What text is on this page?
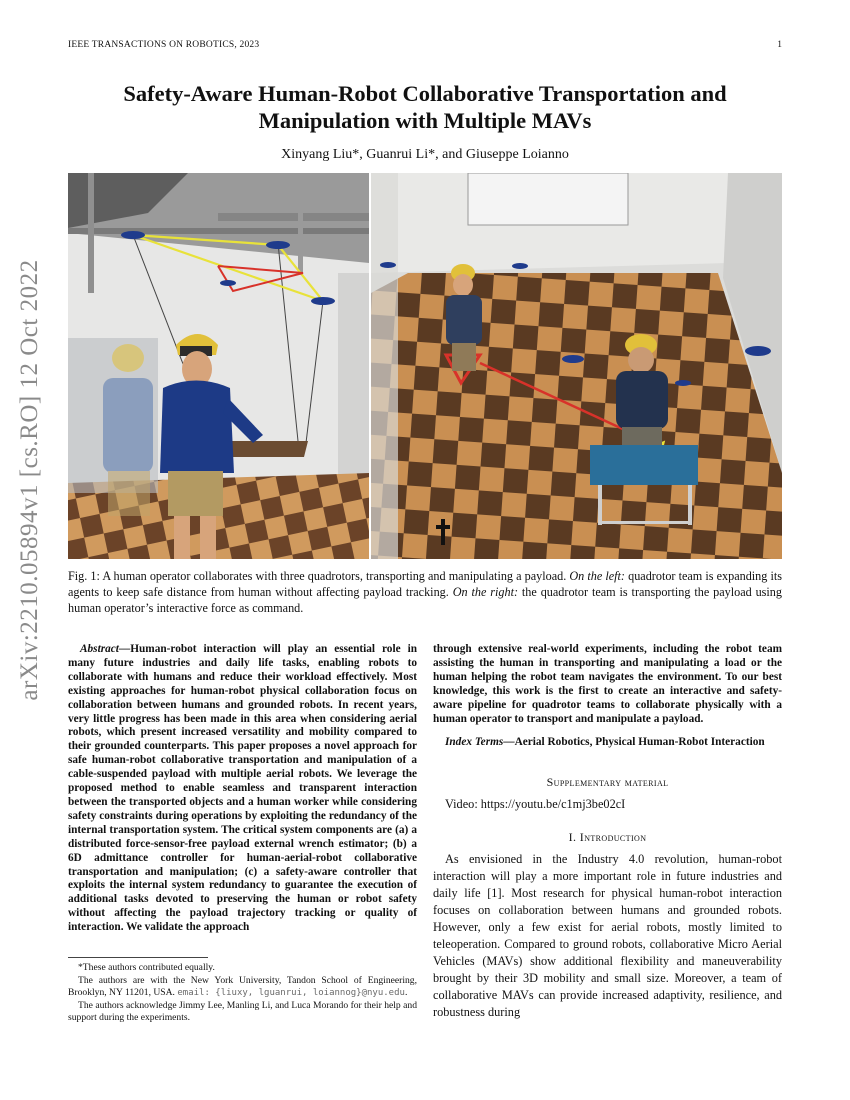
IEEE TRANSACTIONS ON ROBOTICS, 2023	1
Safety-Aware Human-Robot Collaborative Transportation and
Manipulation with Multiple MAVs
Xinyang Liu*, Guanrui Li*, and Giuseppe Loianno
arXiv:2210.05894v1 [cs.RO] 12 Oct 2022 Fig. 1: A human operator collaborates with three quadrotors, transporting and manipulating a payload. On the left: quadrotor team is expanding its agents to keep safe distance from human without affecting payload tracking. On the right: the quadrotor team is transporting the payload using human operator’s interactive force as command.

Abstract—Human-robot interaction will play an essential role in many future industries and daily life tasks, enabling robots to collaborate with humans and reduce their workload effectively. Most existing approaches for human-robot physical collaboration focus on collaboration between humans and grounded robots. In recent years, very little progress has been made in this area when considering aerial robots, which present increased versatility and mobility compared to their grounded counterparts. This paper proposes a novel approach for safe human-robot collaborative transportation and manipulation of a cable-suspended payload with multiple aerial robots. We leverage the proposed method to enable seamless and transparent interaction between the transported objects and a human worker while considering safety constraints during operations by exploiting the redundancy of the internal transportation system. The critical system components are (a) a distributed force-sensor-free payload external wrench estimator; (b) a 6D admittance controller for human-aerial-robot collaborative transportation and manipulation; (c) a safety-aware controller that exploits the internal system redundancy to guarantee the execution of additional tasks devoted to preserving the human or robot safety without affecting the payload trajectory tracking or quality of interaction. We validate the approach

*These authors contributed equally.

The authors are with the New York University, Tandon School of Engineering, Brooklyn, NY 11201, USA. email: {liuxy, lguanrui, loiannog}@nyu.edu.

The authors acknowledge Jimmy Lee, Manling Li, and Luca Morando for their help and support during the experiments.

through extensive real-world experiments, including the robot team assisting the human in transporting and manipulating a load or the human helping the robot team navigates the environment. To our best knowledge, this work is the first to create an interactive and safety-aware pipeline for quadrotor teams to collaborate physically with a human operator to transport and manipulate a payload.

Index Terms—Aerial Robotics, Physical Human-Robot Interaction

Supplementary material

Video: https://youtu.be/c1mj3be02cI

I. Introduction

As envisioned in the Industry 4.0 revolution, human-robot interaction will play a more important role in future industries and daily life [1]. Most research for physical human-robot interaction focuses on collaboration between humans and grounded robots. However, only a few exist for aerial robots, mostly limited to teleoperation. Compared to ground robots, collaborative Micro Aerial Vehicles (MAVs) show additional flexibility and maneuverability brought by their 3D mobility and small size. Moreover, a team of collaborative MAVs can provide increased adaptivity, resilience, and robustness during
